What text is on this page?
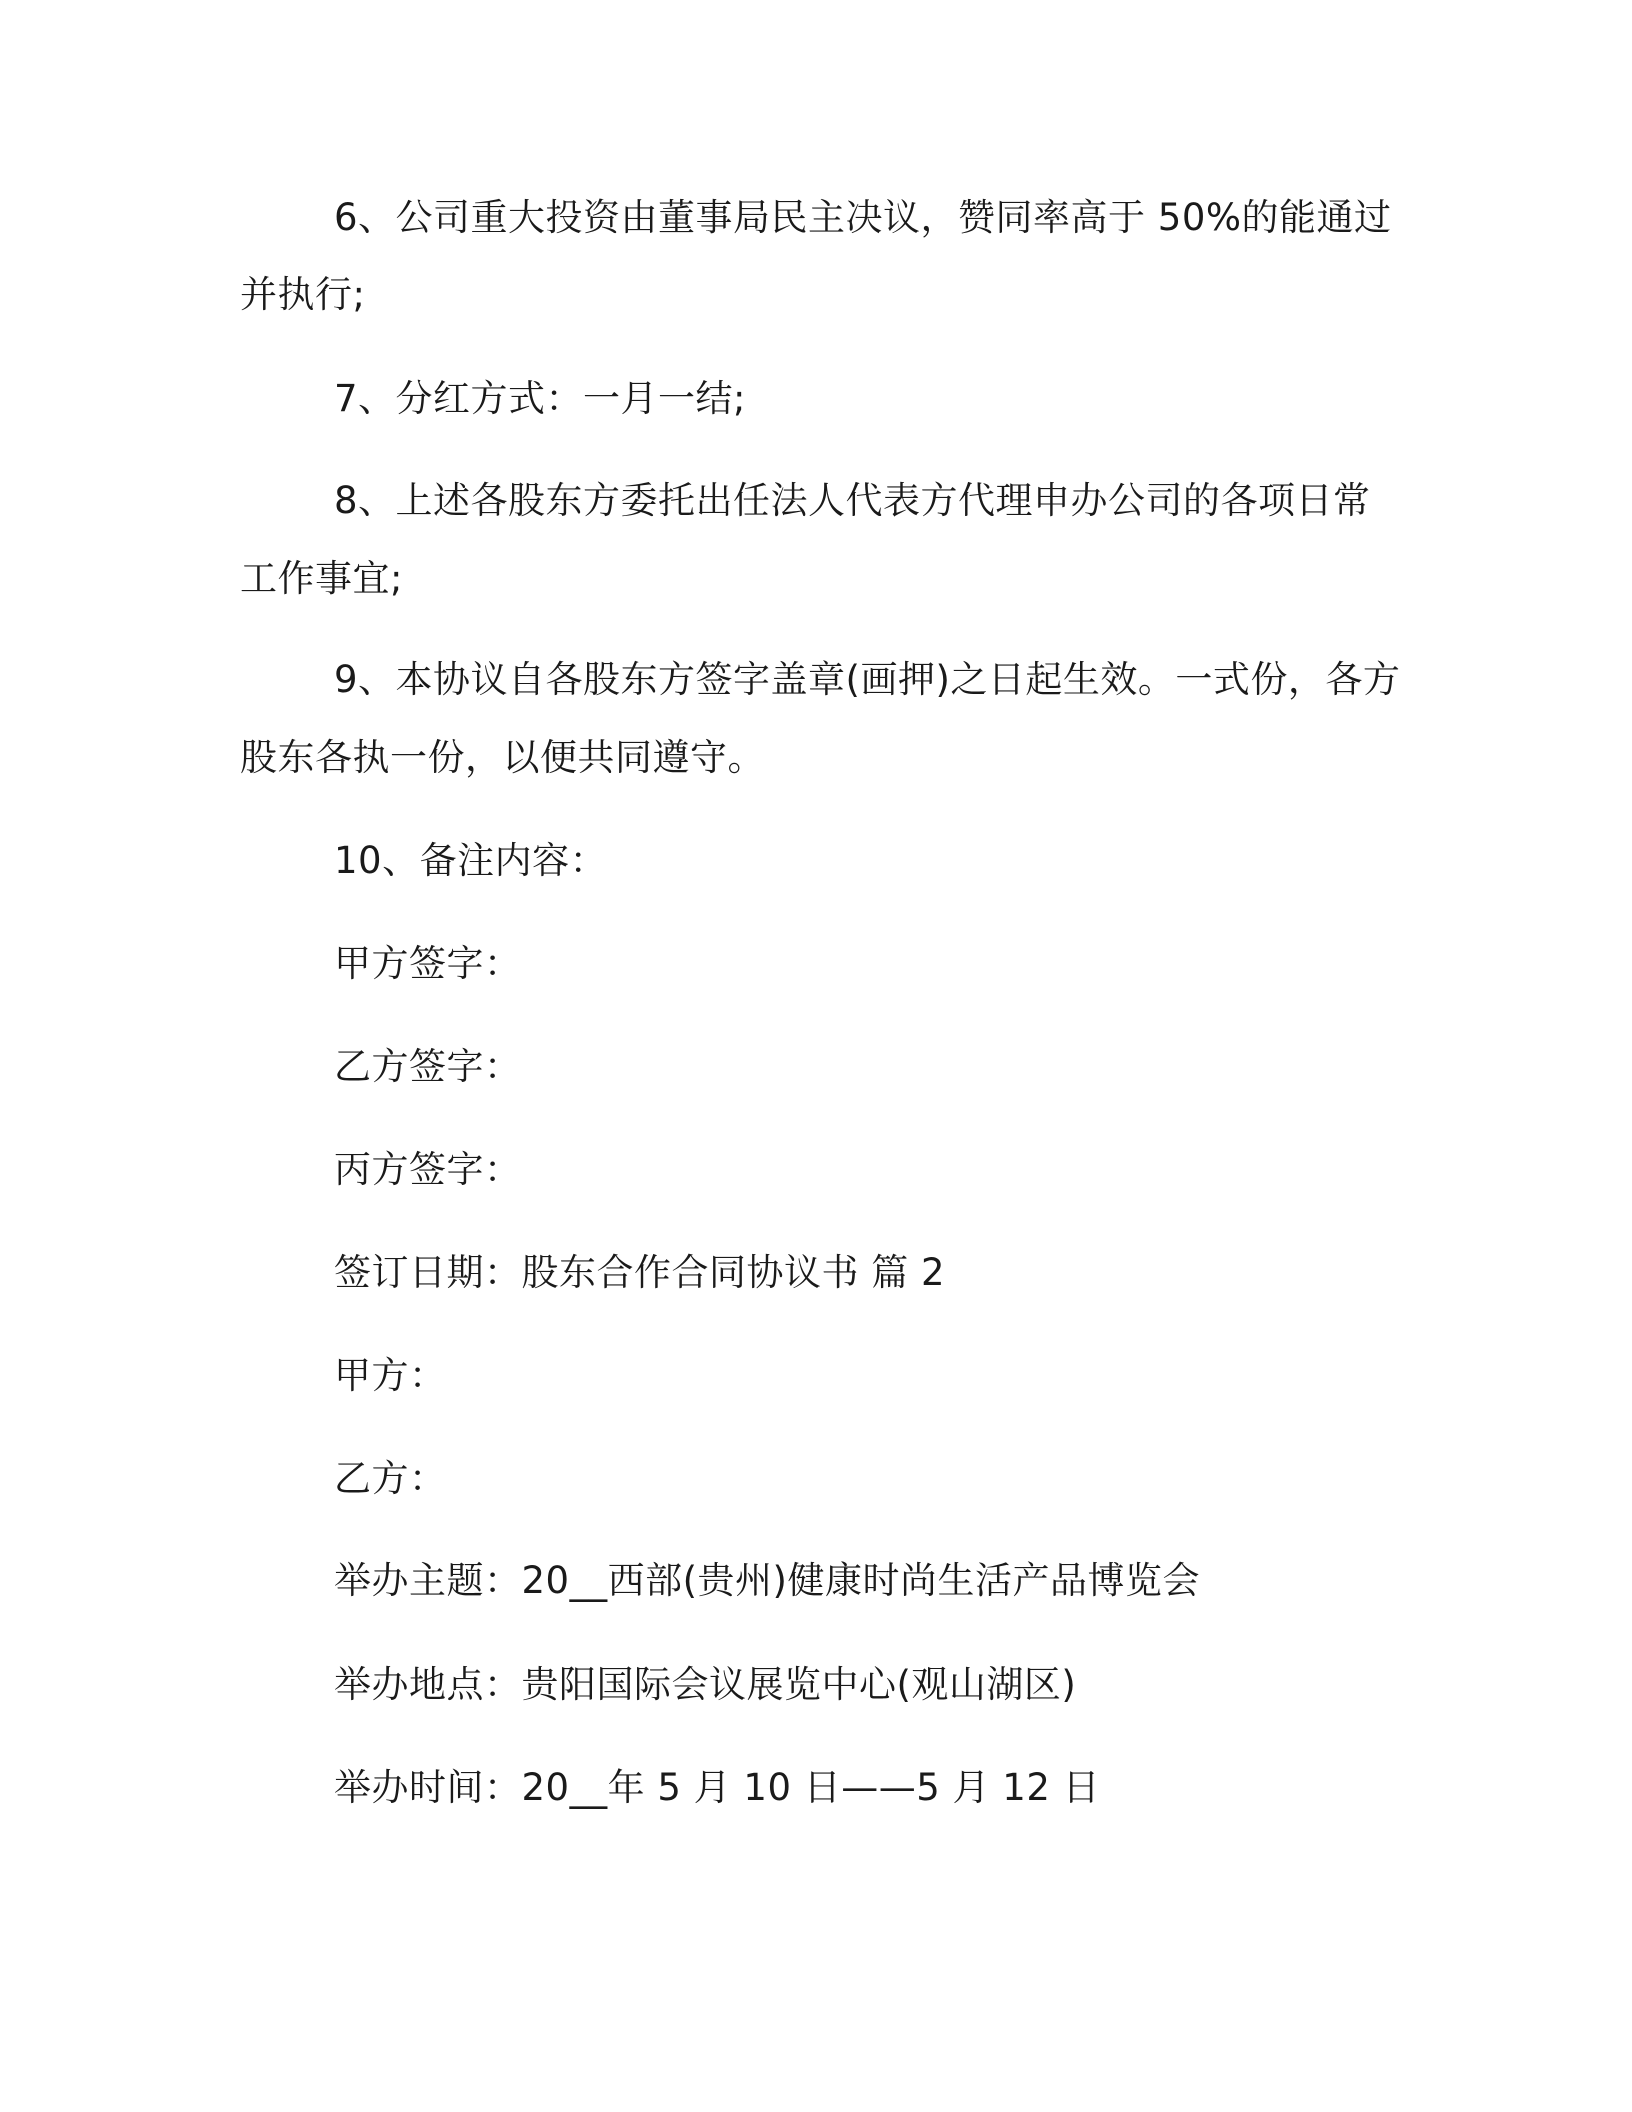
6、公司重大投资由董事局民主决议，赞同率高于 50%的能通过
并执行;
7、分红方式：一月一结;
8、上述各股东方委托出任法人代表方代理申办公司的各项日常
工作事宜;
9、本协议自各股东方签字盖章(画押)之日起生效。一式份，各方
股东各执一份，以便共同遵守。
10、备注内容：
甲方签字：
乙方签字：
丙方签字：
签订日期：股东合作合同协议书 篇 2
甲方：
乙方：
举办主题：20__西部(贵州)健康时尚生活产品博览会
举办地点：贵阳国际会议展览中心(观山湖区)
举办时间：20__年 5 月 10 日——5 月 12 日
